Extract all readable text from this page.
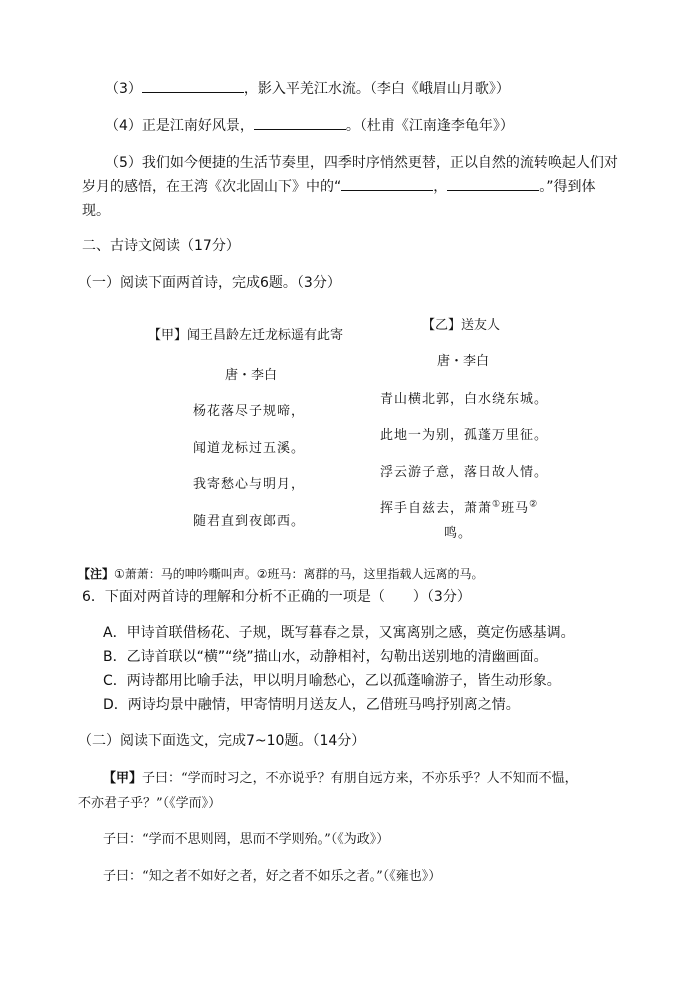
（3）	，影入平羌江水流。（李白《峨眉山月歌》）
（4）正是江南好风景，	。（杜甫《江南逢李龟年》）
（5）我们如今便捷的生活节奏里，四季时序悄然更替，正以自然的流转唤起人们对
岁月的感悟，在王湾《次北固山下》中的“	，	。”得到体
现。
二、古诗文阅读（17分）
（一）阅读下面两首诗，完成6题。（3分）
【甲】闻王昌龄左迁龙标遥有此寄
唐・李白
杨花落尽子规啼，
闻道龙标过五溪。
我寄愁心与明月，
随君直到夜郎西。
【乙】送友人
唐・李白
青山横北郭，白水绕东城。
此地一为别，孤蓬万里征。
浮云游子意，落日故人情。
挥手自兹去，萧萧①班马②
鸣。
【注】①萧萧：马的呻吟嘶叫声。②班马：离群的马，这里指载人远离的马。
6．下面对两首诗的理解和分析不正确的一项是（　　）（3分）
A．甲诗首联借杨花、子规，既写暮春之景，又寓离别之感，奠定伤感基调。
B．乙诗首联以“横”“绕”描山水，动静相衬，勾勒出送别地的清幽画面。
C．两诗都用比喻手法，甲以明月喻愁心，乙以孤蓬喻游子，皆生动形象。
D．两诗均景中融情，甲寄情明月送友人，乙借班马鸣抒别离之情。
（二）阅读下面选文，完成7~10题。（14分）
【甲】子曰：“学而时习之，不亦说乎？有朋自远方来，不亦乐乎？人不知而不愠，
不亦君子乎？”（《学而》）
子曰：“学而不思则罔，思而不学则殆。”（《为政》）
子曰：“知之者不如好之者，好之者不如乐之者。”（《雍也》）
